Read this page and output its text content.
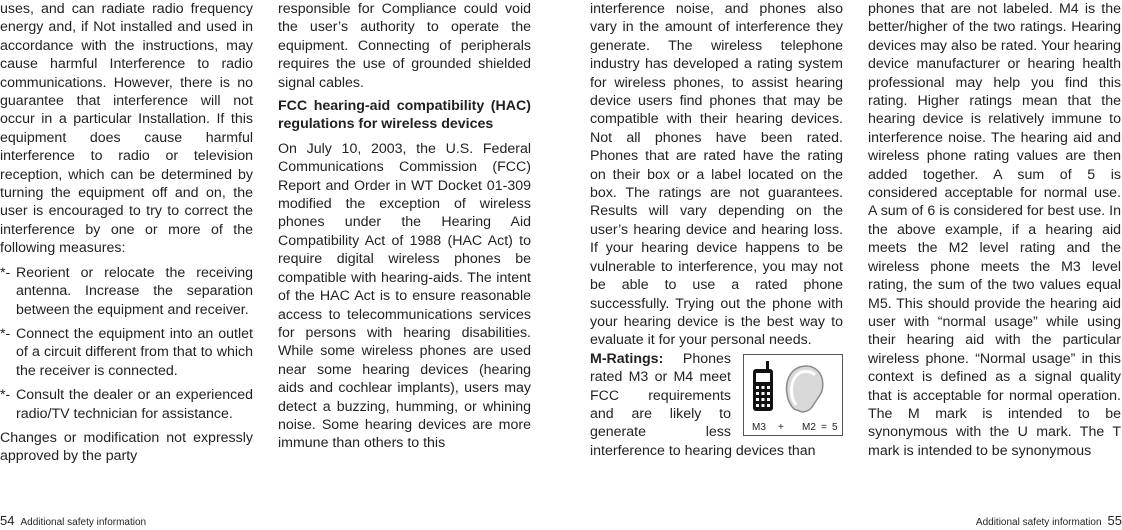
uses, and can radiate radio frequency energy and, if Not installed and used in accordance with the instructions, may cause harmful Interference to radio communications. However, there is no guarantee that interference will not occur in a particular Installation. If this equipment does cause harmful interference to radio or television reception, which can be determined by turning the equipment off and on, the user is encouraged to try to correct the interference by one or more of the following measures:

*- Reorient or relocate the receiving antenna. Increase the separation between the equipment and receiver.
*- Connect the equipment into an outlet of a circuit different from that to which the receiver is connected.
*- Consult the dealer or an experienced radio/TV technician for assistance.

Changes or modification not expressly approved by the party

responsible for Compliance could void the user’s authority to operate the equipment. Connecting of peripherals requires the use of grounded shielded signal cables.

FCC hearing-aid compatibility (HAC) regulations for wireless devices

On July 10, 2003, the U.S. Federal Communications Commission (FCC) Report and Order in WT Docket 01-309 modified the exception of wireless phones under the Hearing Aid Compatibility Act of 1988 (HAC Act) to require digital wireless phones be compatible with hearing-aids. The intent of the HAC Act is to ensure reasonable access to telecommunications services for persons with hearing disabilities. While some wireless phones are used near some hearing devices (hearing aids and cochlear implants), users may detect a buzzing, humming, or whining noise. Some hearing devices are more immune than others to this

interference noise, and phones also vary in the amount of interference they generate. The wireless telephone industry has developed a rating system for wireless phones, to assist hearing device users find phones that may be compatible with their hearing devices. Not all phones have been rated. Phones that are rated have the rating on their box or a label located on the box. The ratings are not guarantees. Results will vary depending on the user’s hearing device and hearing loss. If your hearing device happens to be vulnerable to interference, you may not be able to use a rated phone successfully. Trying out the phone with your hearing device is the best way to evaluate it for your personal needs.

M3 + M2 = 5

M-Ratings: Phones rated M3 or M4 meet FCC requirements and are likely to generate less interference to hearing devices than

phones that are not labeled. M4 is the better/higher of the two ratings. Hearing devices may also be rated. Your hearing device manufacturer or hearing health professional may help you find this rating. Higher ratings mean that the hearing device is relatively immune to interference noise. The hearing aid and wireless phone rating values are then added together. A sum of 5 is considered acceptable for normal use. A sum of 6 is considered for best use. In the above example, if a hearing aid meets the M2 level rating and the wireless phone meets the M3 level rating, the sum of the two values equal M5. This should provide the hearing aid user with “normal usage” while using their hearing aid with the particular wireless phone. “Normal usage” in this context is defined as a signal quality that is acceptable for normal operation. The M mark is intended to be synonymous with the U mark. The T mark is intended to be synonymous

54 Additional safety information	Additional safety information 55
